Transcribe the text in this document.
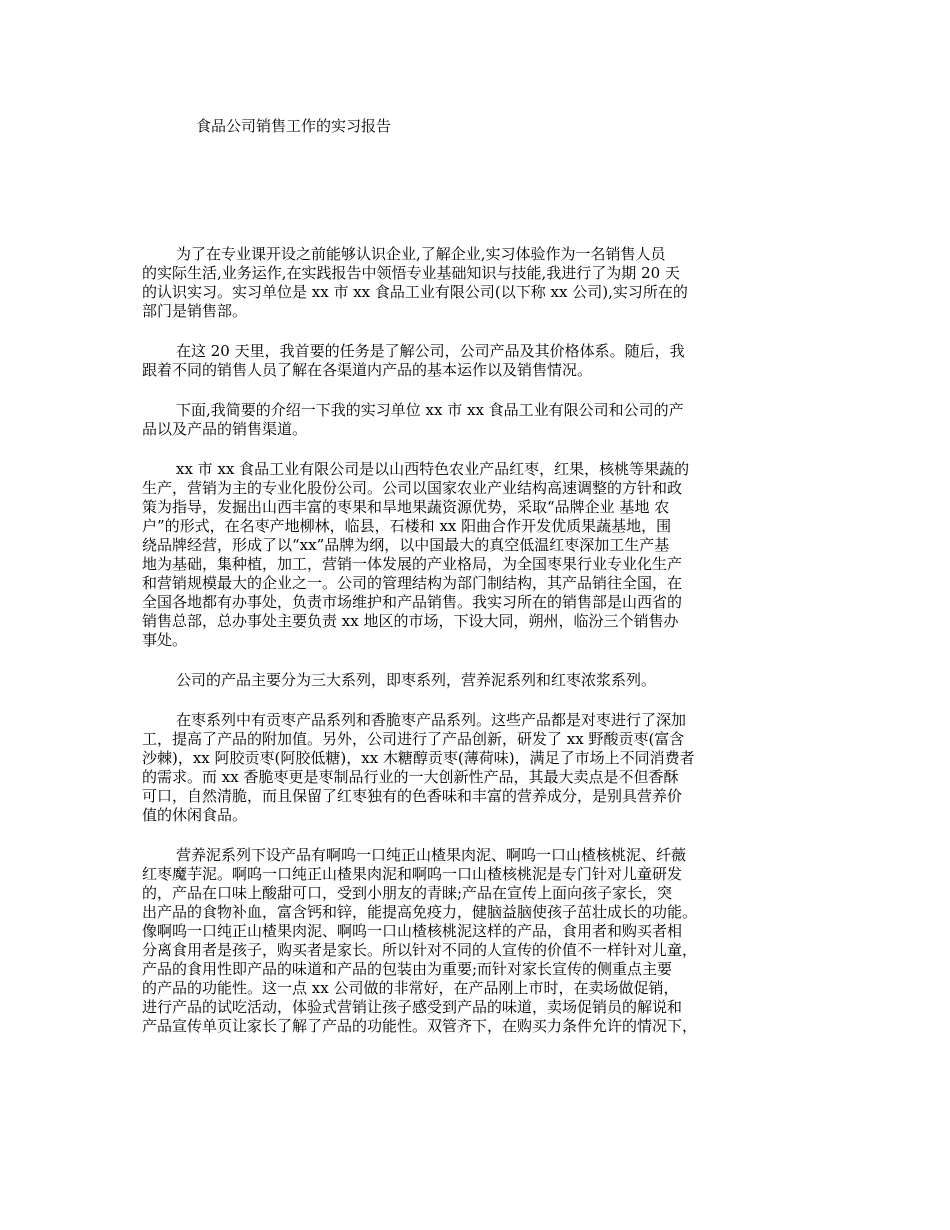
食品公司销售工作的实习报告
为了在专业课开设之前能够认识企业,了解企业,实习体验作为一名销售人员
的实际生活,业务运作,在实践报告中领悟专业基础知识与技能,我进行了为期 20 天
的认识实习。实习单位是 xx 市 xx 食品工业有限公司(以下称 xx 公司),实习所在的
部门是销售部。
在这 20 天里，我首要的任务是了解公司，公司产品及其价格体系。随后，我
跟着不同的销售人员了解在各渠道内产品的基本运作以及销售情况。
下面,我简要的介绍一下我的实习单位 xx 市 xx 食品工业有限公司和公司的产
品以及产品的销售渠道。
xx 市 xx 食品工业有限公司是以山西特色农业产品红枣，红果，核桃等果蔬的
生产，营销为主的专业化股份公司。公司以国家农业产业结构高速调整的方针和政
策为指导，发掘出山西丰富的枣果和旱地果蔬资源优势，采取“品牌企业 基地 农
户”的形式，在名枣产地柳林，临县，石楼和 xx 阳曲合作开发优质果蔬基地，围
绕品牌经营，形成了以“xx”品牌为纲，以中国最大的真空低温红枣深加工生产基
地为基础，集种植，加工，营销一体发展的产业格局，为全国枣果行业专业化生产
和营销规模最大的企业之一。公司的管理结构为部门制结构，其产品销往全国，在
全国各地都有办事处，负责市场维护和产品销售。我实习所在的销售部是山西省的
销售总部，总办事处主要负责 xx 地区的市场，下设大同，朔州，临汾三个销售办
事处。
公司的产品主要分为三大系列，即枣系列，营养泥系列和红枣浓浆系列。
在枣系列中有贡枣产品系列和香脆枣产品系列。这些产品都是对枣进行了深加
工，提高了产品的附加值。另外，公司进行了产品创新，研发了 xx 野酸贡枣(富含
沙棘)，xx 阿胶贡枣(阿胶低糖)，xx 木糖醇贡枣(薄荷味)，满足了市场上不同消费者
的需求。而 xx 香脆枣更是枣制品行业的一大创新性产品，其最大卖点是不但香酥
可口，自然清脆，而且保留了红枣独有的色香味和丰富的营养成分，是别具营养价
值的休闲食品。
营养泥系列下设产品有啊呜一口纯正山楂果肉泥、啊呜一口山楂核桃泥、纤薇
红枣魔芋泥。啊呜一口纯正山楂果肉泥和啊呜一口山楂核桃泥是专门针对儿童研发
的，产品在口味上酸甜可口，受到小朋友的青睐;产品在宣传上面向孩子家长，突
出产品的食物补血，富含钙和锌，能提高免疫力，健脑益脑使孩子茁壮成长的功能。
像啊呜一口纯正山楂果肉泥、啊呜一口山楂核桃泥这样的产品，食用者和购买者相
分离食用者是孩子，购买者是家长。所以针对不同的人宣传的价值不一样针对儿童，
产品的食用性即产品的味道和产品的包装由为重要;而针对家长宣传的侧重点主要
的产品的功能性。这一点 xx 公司做的非常好，在产品刚上市时，在卖场做促销，
进行产品的试吃活动，体验式营销让孩子感受到产品的味道，卖场促销员的解说和
产品宣传单页让家长了解了产品的功能性。双管齐下，在购买力条件允许的情况下，
